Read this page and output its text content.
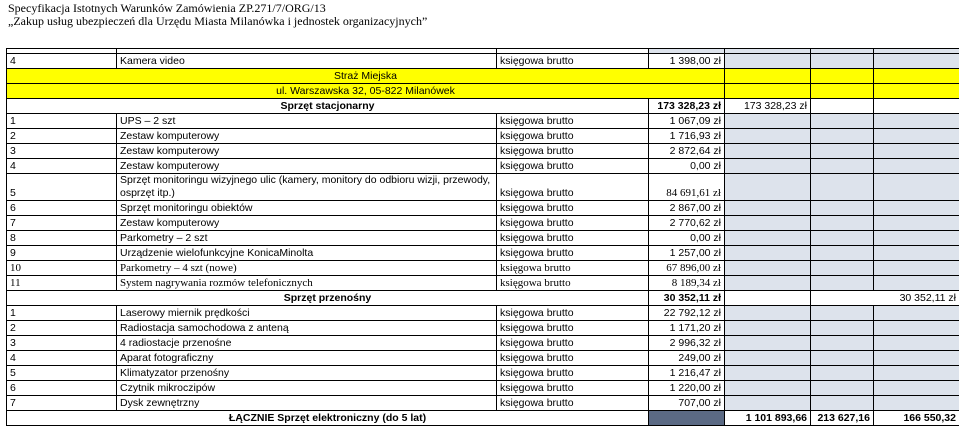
Specyfikacja Istotnych Warunków Zamówienia ZP.271/7/ORG/13
„Zakup usług ubezpieczeń dla Urzędu Miasta Milanówka i jednostek organizacyjnych”

4	Kamera video	księgowa brutto	1 398,00 zł			
Straż Miejska						
ul. Warszawska 32, 05-822 Milanówek						
Sprzęt stacjonarny			173 328,23 zł	173 328,23 zł		
1	UPS – 2 szt	księgowa brutto	1 067,09 zł			
2	Zestaw komputerowy	księgowa brutto	1 716,93 zł			
3	Zestaw komputerowy	księgowa brutto	2 872,64 zł			
4	Zestaw komputerowy	księgowa brutto	0,00 zł			
5	Sprzęt monitoringu wizyjnego ulic (kamery, monitory do odbioru wizji, przewody, osprzęt itp.)	księgowa brutto	84 691,61 zł			
6	Sprzęt monitoringu obiektów	księgowa brutto	2 867,00 zł			
7	Zestaw komputerowy	księgowa brutto	2 770,62 zł			
8	Parkometry – 2 szt	księgowa brutto	0,00 zł			
9	Urządzenie wielofunkcyjne KonicaMinolta	księgowa brutto	1 257,00 zł			
10	Parkometry – 4 szt (nowe)	księgowa brutto	67 896,00 zł			
11	System nagrywania rozmów telefonicznych	księgowa brutto	8 189,34 zł			
Sprzęt przenośny			30 352,11 zł		30 352,11 zł	
1	Laserowy miernik prędkości	księgowa brutto	22 792,12 zł			
2	Radiostacja samochodowa z anteną	księgowa brutto	1 171,20 zł			
3	4 radiostacje przenośne	księgowa brutto	2 996,32 zł			
4	Aparat fotograficzny	księgowa brutto	249,00 zł			
5	Klimatyzator przenośny	księgowa brutto	1 216,47 zł			
6	Czytnik mikroczipów	księgowa brutto	1 220,00 zł			
7	Dysk zewnętrzny	księgowa brutto	707,00 zł			
ŁĄCZNIE Sprzęt elektroniczny (do 5 lat)				1 101 893,66	213 627,16	166 550,32
